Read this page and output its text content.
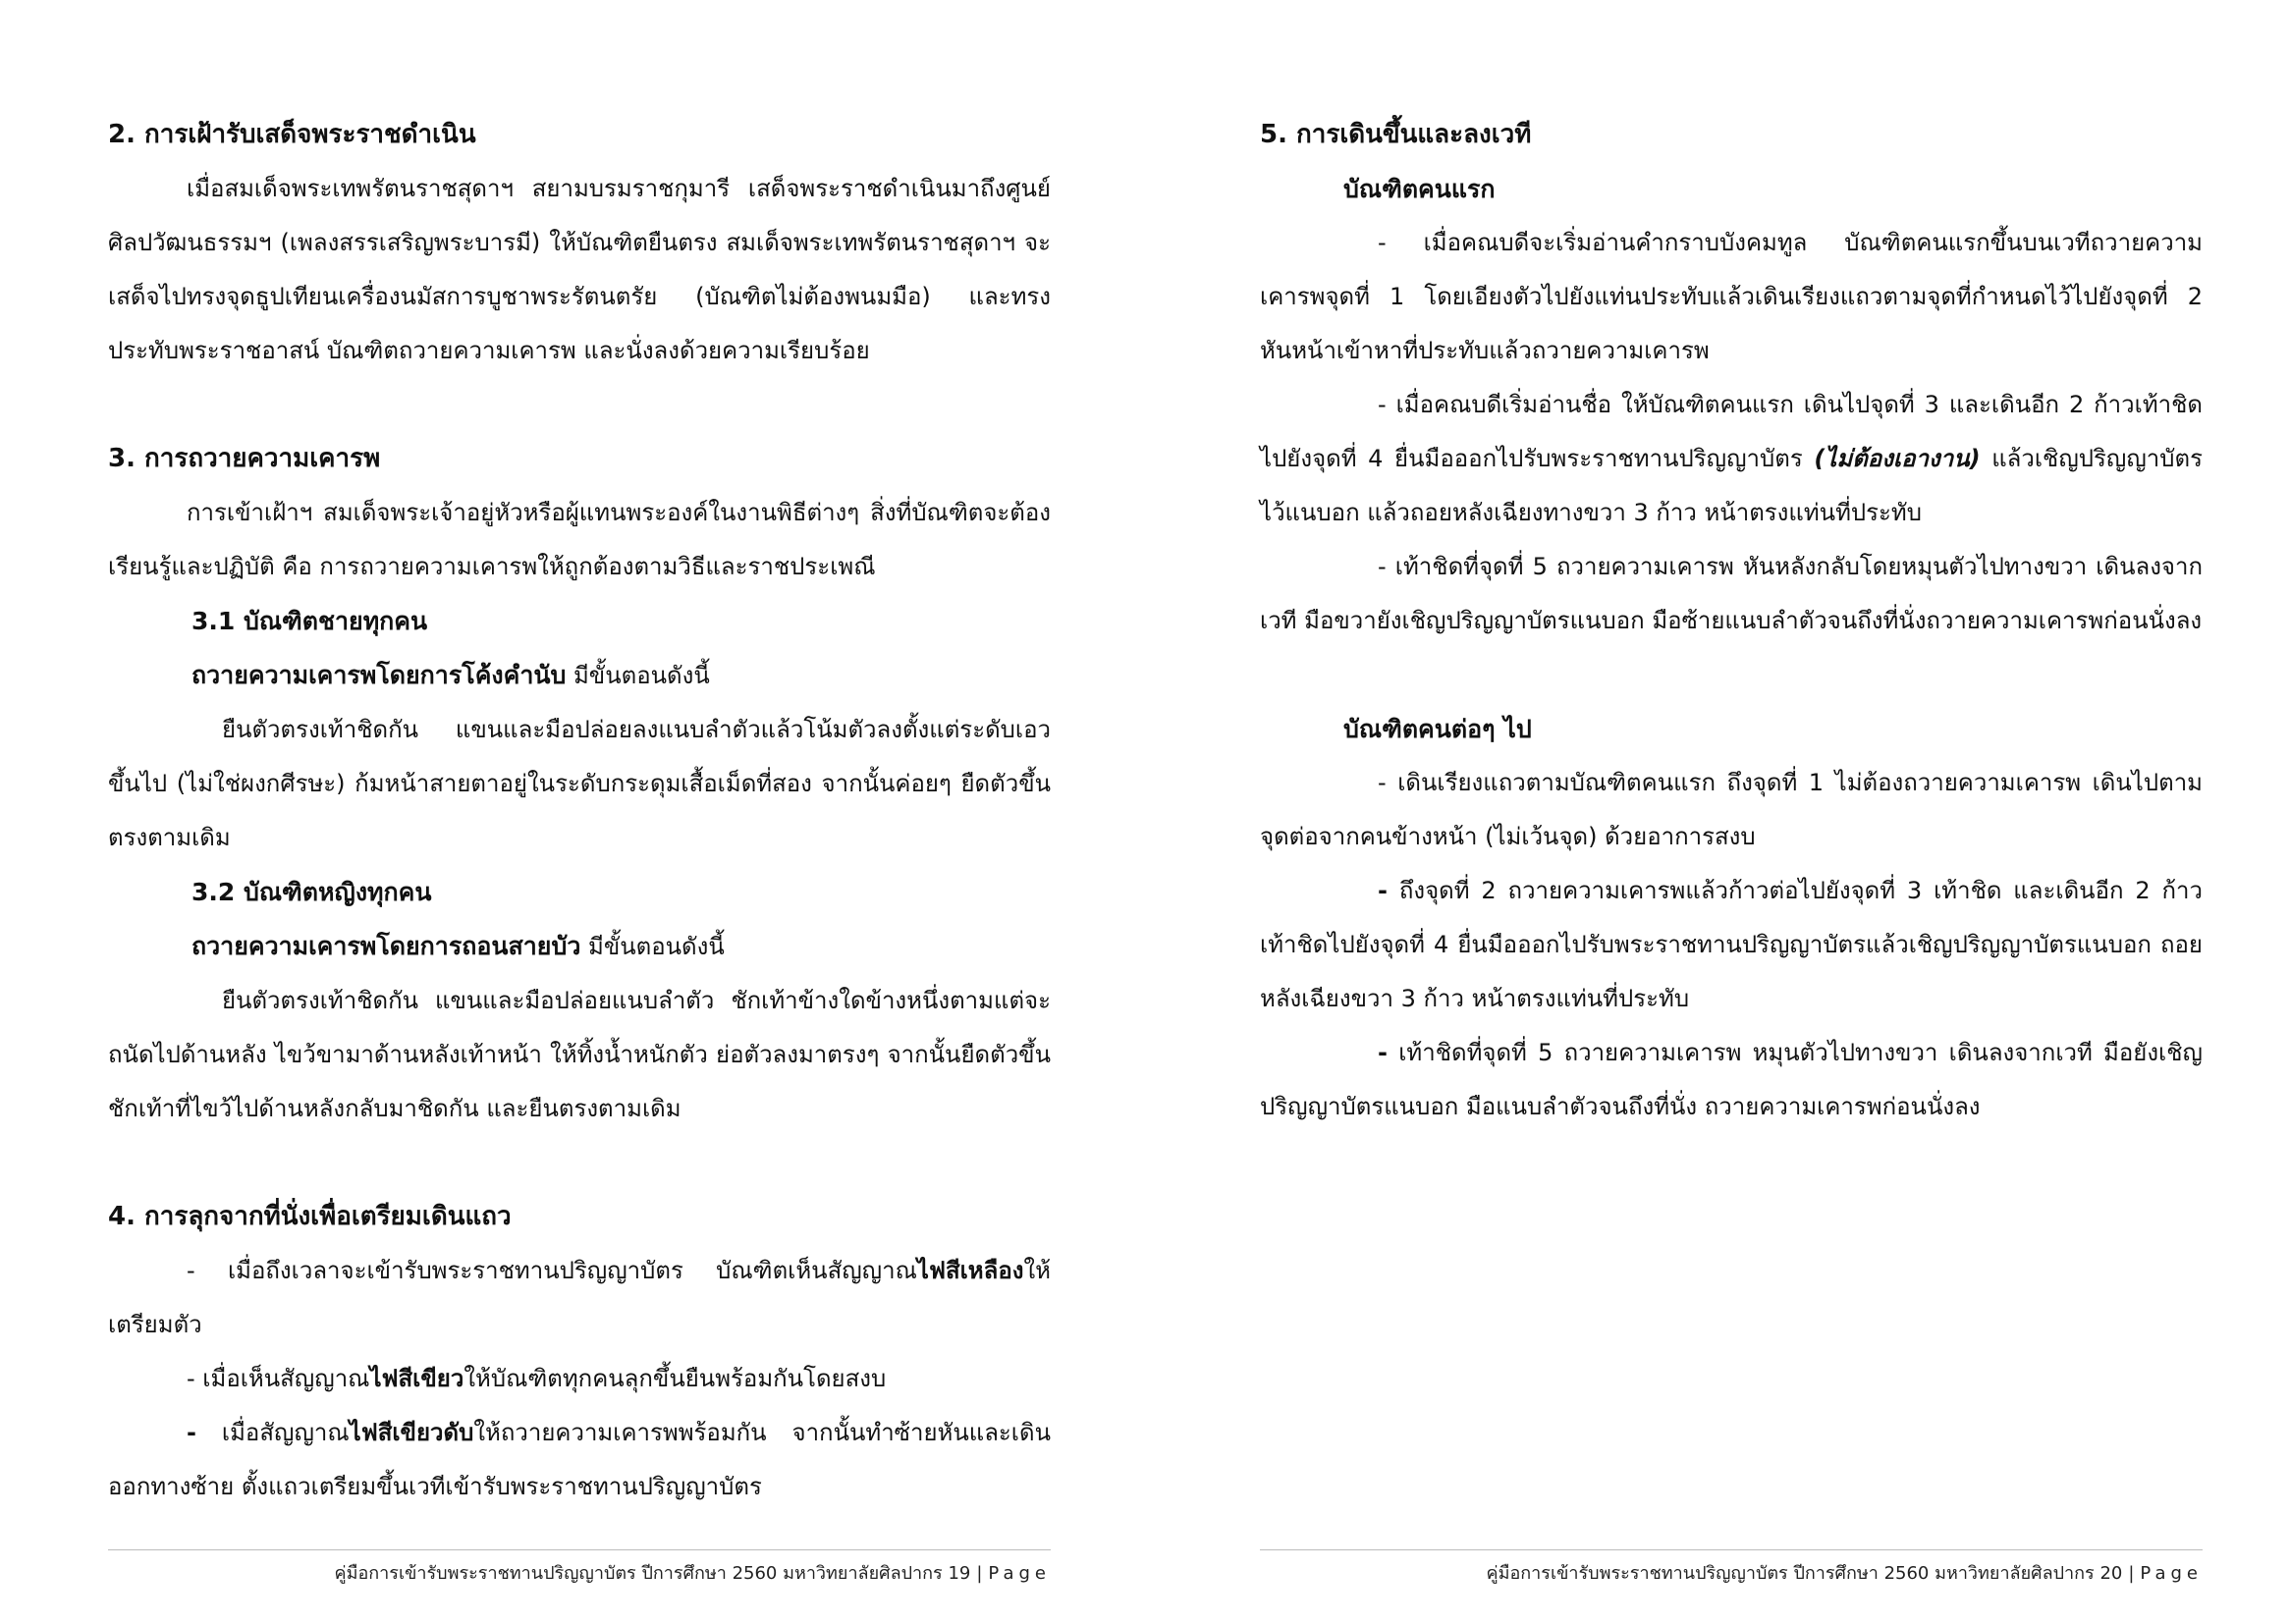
2. การเฝ้ารับเสด็จพระราชดำเนิน

เมื่อสมเด็จพระเทพรัตนราชสุดาฯ สยามบรมราชกุมารี เสด็จพระราชดำเนินมาถึงศูนย์ศิลปวัฒนธรรมฯ (เพลงสรรเสริญพระบารมี) ให้บัณฑิตยืนตรง สมเด็จพระเทพรัตนราชสุดาฯ จะเสด็จไปทรงจุดธูปเทียนเครื่องนมัสการบูชาพระรัตนตรัย (บัณฑิตไม่ต้องพนมมือ) และทรงประทับพระราชอาสน์ บัณฑิตถวายความเคารพ และนั่งลงด้วยความเรียบร้อย

3. การถวายความเคารพ

การเข้าเฝ้าฯ สมเด็จพระเจ้าอยู่หัวหรือผู้แทนพระองค์ในงานพิธีต่างๆ สิ่งที่บัณฑิตจะต้องเรียนรู้และปฏิบัติ คือ การถวายความเคารพให้ถูกต้องตามวิธีและราชประเพณี

3.1 บัณฑิตชายทุกคน
ถวายความเคารพโดยการโค้งคำนับ มีขั้นตอนดังนี้

ยืนตัวตรงเท้าชิดกัน แขนและมือปล่อยลงแนบลำตัวแล้วโน้มตัวลงตั้งแต่ระดับเอวขึ้นไป (ไม่ใช่ผงกศีรษะ) ก้มหน้าสายตาอยู่ในระดับกระดุมเสื้อเม็ดที่สอง จากนั้นค่อยๆ ยืดตัวขึ้นตรงตามเดิม

3.2 บัณฑิตหญิงทุกคน
ถวายความเคารพโดยการถอนสายบัว มีขั้นตอนดังนี้

ยืนตัวตรงเท้าชิดกัน แขนและมือปล่อยแนบลำตัว ชักเท้าข้างใดข้างหนึ่งตามแต่จะถนัดไปด้านหลัง ไขว้ขามาด้านหลังเท้าหน้า ให้ทิ้งน้ำหนักตัว ย่อตัวลงมาตรงๆ จากนั้นยืดตัวขึ้น ชักเท้าที่ไขว้ไปด้านหลังกลับมาชิดกัน และยืนตรงตามเดิม

4. การลุกจากที่นั่งเพื่อเตรียมเดินแถว

- เมื่อถึงเวลาจะเข้ารับพระราชทานปริญญาบัตร บัณฑิตเห็นสัญญาณไฟสีเหลืองให้เตรียมตัว

- เมื่อเห็นสัญญาณไฟสีเขียวให้บัณฑิตทุกคนลุกขึ้นยืนพร้อมกันโดยสงบ

- เมื่อสัญญาณไฟสีเขียวดับให้ถวายความเคารพพร้อมกัน จากนั้นทำซ้ายหันและเดินออกทางซ้าย ตั้งแถวเตรียมขึ้นเวทีเข้ารับพระราชทานปริญญาบัตร

คู่มือการเข้ารับพระราชทานปริญญาบัตร ปีการศึกษา 2560 มหาวิทยาลัยศิลปากร 19 | Page
5. การเดินขึ้นและลงเวที
บัณฑิตคนแรก

- เมื่อคณบดีจะเริ่มอ่านคำกราบบังคมทูล บัณฑิตคนแรกขึ้นบนเวทีถวายความเคารพจุดที่ 1 โดยเอียงตัวไปยังแท่นประทับแล้วเดินเรียงแถวตามจุดที่กำหนดไว้ไปยังจุดที่ 2 หันหน้าเข้าหาที่ประทับแล้วถวายความเคารพ

- เมื่อคณบดีเริ่มอ่านชื่อ ให้บัณฑิตคนแรก เดินไปจุดที่ 3 และเดินอีก 2 ก้าวเท้าชิดไปยังจุดที่ 4 ยื่นมือออกไปรับพระราชทานปริญญาบัตร (ไม่ต้องเอางาน) แล้วเชิญปริญญาบัตรไว้แนบอก แล้วถอยหลังเฉียงทางขวา 3 ก้าว หน้าตรงแท่นที่ประทับ

- เท้าชิดที่จุดที่ 5 ถวายความเคารพ หันหลังกลับโดยหมุนตัวไปทางขวา เดินลงจากเวที มือขวายังเชิญปริญญาบัตรแนบอก มือซ้ายแนบลำตัวจนถึงที่นั่งถวายความเคารพก่อนนั่งลง

บัณฑิตคนต่อๆ ไป

- เดินเรียงแถวตามบัณฑิตคนแรก ถึงจุดที่ 1 ไม่ต้องถวายความเคารพ เดินไปตามจุดต่อจากคนข้างหน้า (ไม่เว้นจุด) ด้วยอาการสงบ

- ถึงจุดที่ 2 ถวายความเคารพแล้วก้าวต่อไปยังจุดที่ 3 เท้าชิด และเดินอีก 2 ก้าว เท้าชิดไปยังจุดที่ 4 ยื่นมือออกไปรับพระราชทานปริญญาบัตรแล้วเชิญปริญญาบัตรแนบอก ถอยหลังเฉียงขวา 3 ก้าว หน้าตรงแท่นที่ประทับ

- เท้าชิดที่จุดที่ 5 ถวายความเคารพ หมุนตัวไปทางขวา เดินลงจากเวที มือยังเชิญปริญญาบัตรแนบอก มือแนบลำตัวจนถึงที่นั่ง ถวายความเคารพก่อนนั่งลง

คู่มือการเข้ารับพระราชทานปริญญาบัตร ปีการศึกษา 2560 มหาวิทยาลัยศิลปากร 20 | Page
